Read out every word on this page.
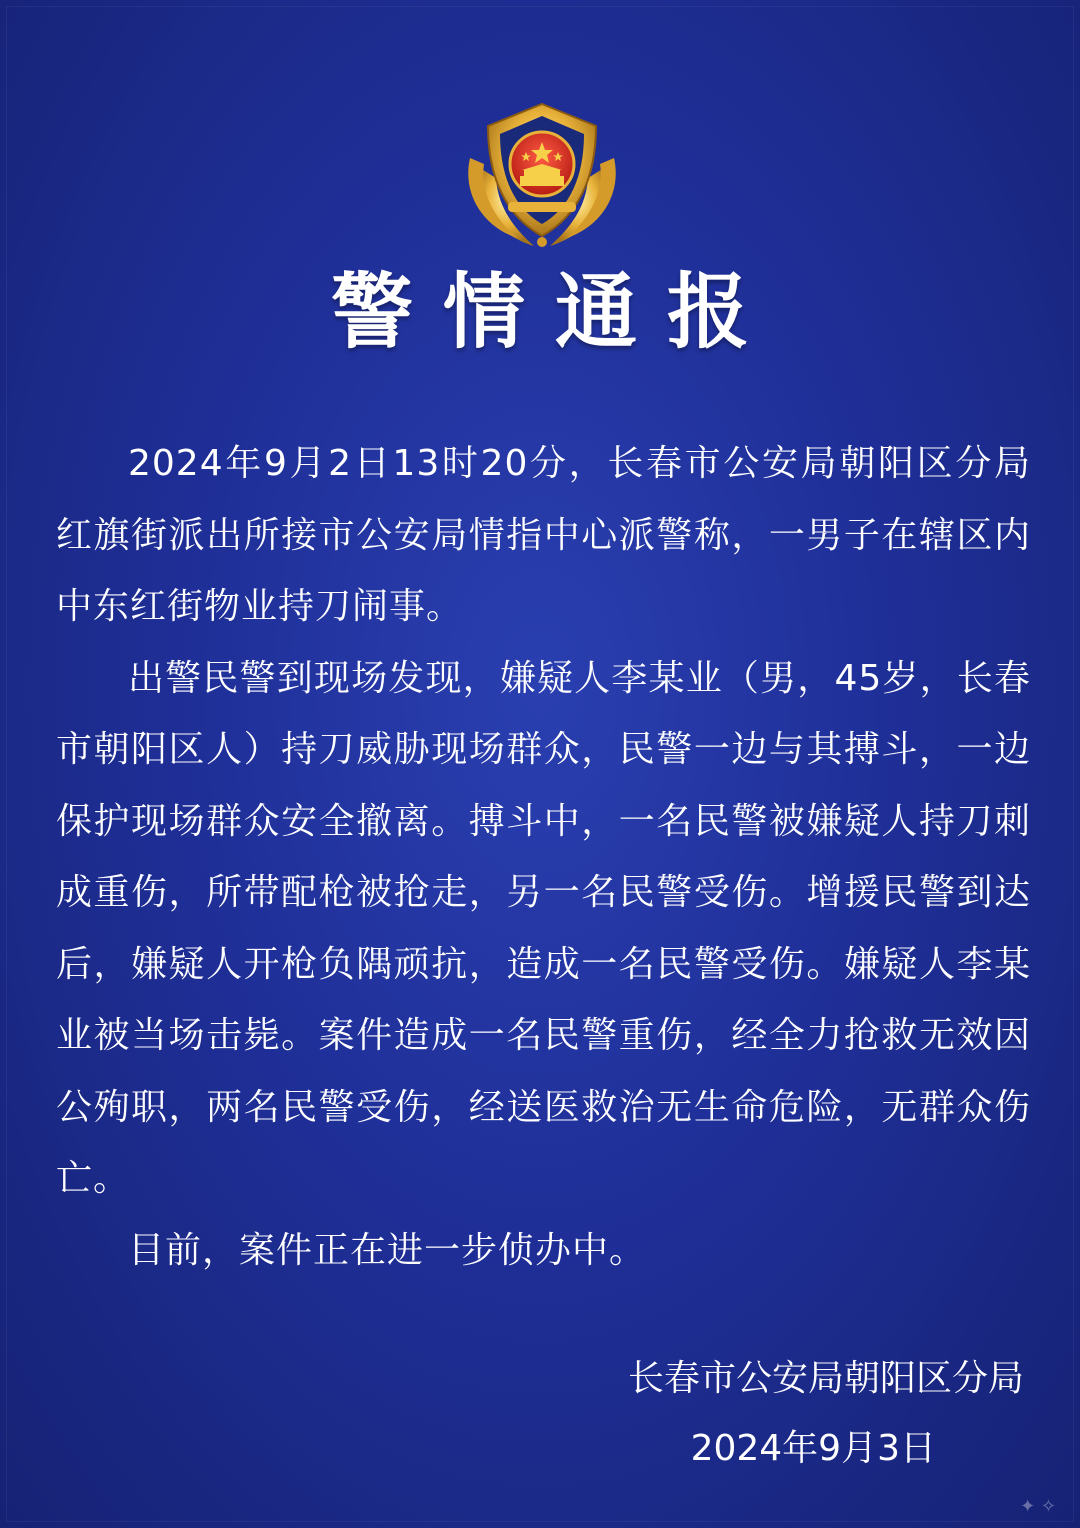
警情通报

2024年9月2日13时20分，长春市公安局朝阳区分局红旗街派出所接市公安局情指中心派警称，一男子在辖区内中东红街物业持刀闹事。

出警民警到现场发现，嫌疑人李某业（男，45岁，长春市朝阳区人）持刀威胁现场群众，民警一边与其搏斗，一边保护现场群众安全撤离。搏斗中，一名民警被嫌疑人持刀刺成重伤，所带配枪被抢走，另一名民警受伤。增援民警到达后，嫌疑人开枪负隅顽抗，造成一名民警受伤。嫌疑人李某业被当场击毙。案件造成一名民警重伤，经全力抢救无效因公殉职，两名民警受伤，经送医救治无生命危险，无群众伤亡。

目前，案件正在进一步侦办中。

长春市公安局朝阳区分局
2024年9月3日
✦ ✧
